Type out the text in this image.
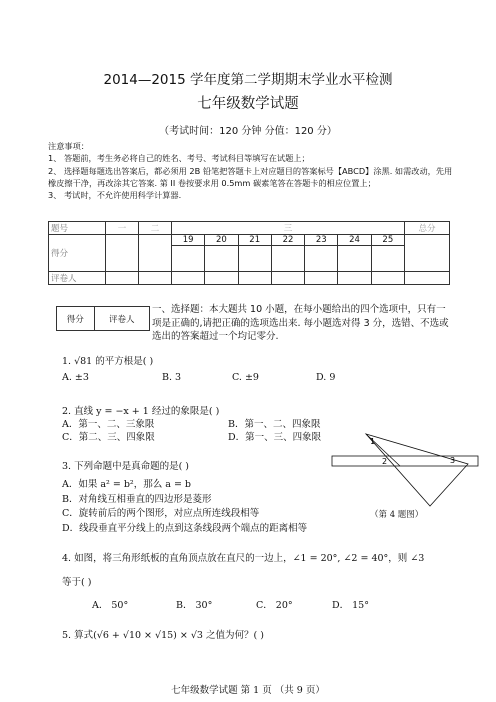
2014—2015 学年度第二学期期末学业水平检测
七年级数学试题
（考试时间：120 分钟 分值：120 分）

注意事项：

1、 答题前，考生务必将自己的姓名、考号、考试科目等填写在试题上；

2、 选择题每题选出答案后，都必须用 2B 铅笔把答题卡上对应题目的答案标号【ABCD】涂黑. 如需改动，先用橡皮擦干净，再改涂其它答案. 第 II 卷按要求用 0.5mm 碳素笔答在答题卡的相应位置上；

3、 考试时，不允许使用科学计算器.

题号	一	二	三							总分
得分			19	20	21	22	23	24	25	

评卷人										
得分	评卷人
一、选择题：本大题共 10 小题，在每小题给出的四个选项中，只有一项是正确的,请把正确的选项选出来. 每小题选对得 3 分，选错、不选或选出的答案超过一个均记零分.
1. √81 的平方根是( )
A. ±3	B. 3	C. ±9	D. 9
2. 直线 y = −x + 1 经过的象限是( )
A．第一、二、三象限	B．第一、二、四象限
C．第二、三、四象限	D．第一、三、四象限
3. 下列命题中是真命题的是( )
A．如果 a² = b²，那么 a = b
B．对角线互相垂直的四边形是菱形
C．旋转前后的两个图形，对应点所连线段相等
D．线段垂直平分线上的点到这条线段两个端点的距离相等
1
2	3
（第 4 题图）
4. 如图，将三角形纸板的直角顶点放在直尺的一边上，∠1 = 20°, ∠2 = 40°，则 ∠3
等于( )
A． 50°	B． 30°	C． 20°	D． 15°
5. 算式(√6 + √10 × √15) × √3 之值为何？( )
七年级数学试题 第 1 页 （共 9 页）
